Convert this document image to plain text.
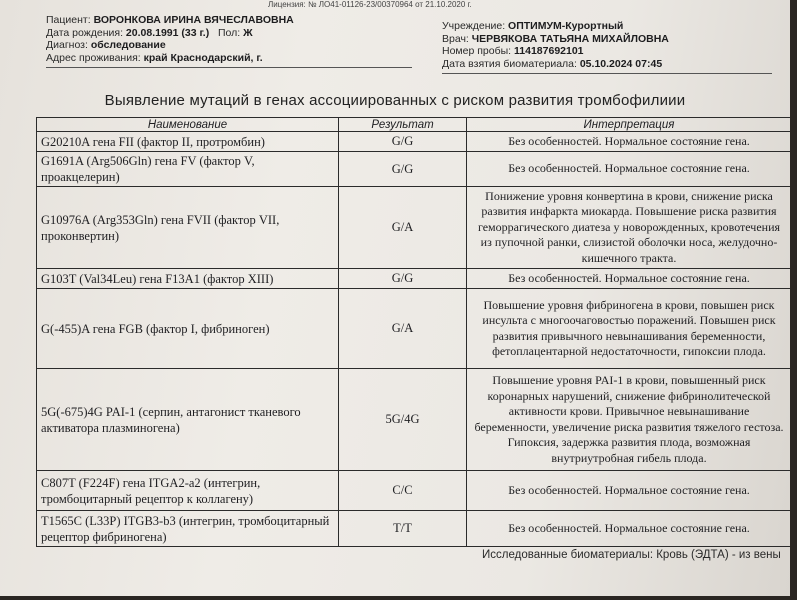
Лицензия: № ЛО41-01126-23/00370964 от 21.10.2020 г.
Пациент: ВОРОНКОВА ИРИНА ВЯЧЕСЛАВОВНА
Дата рождения: 20.08.1991 (33 г.) Пол: Ж
Диагноз: обследование
Адрес проживания: край Краснодарский, г.
Учреждение: ОПТИМУМ-Курортный
Врач: ЧЕРВЯКОВА ТАТЬЯНА МИХАЙЛОВНА
Номер пробы: 114187692101
Дата взятия биоматериала: 05.10.2024 07:45
Выявление мутаций в генах ассоциированных с риском развития тромбофилиии
Наименование	Результат	Интерпретация
G20210A гена FII (фактор II, протромбин)	G/G	Без особенностей. Нормальное состояние гена.
G1691A (Arg506Gln) гена FV (фактор V, проакцелерин)	G/G	Без особенностей. Нормальное состояние гена.
G10976A (Arg353Gln) гена FVII (фактор VII, проконвертин)	G/A	Понижение уровня конвертина в крови, снижение риска развития инфаркта миокарда. Повышение риска развития геморрагического диатеза у новорожденных, кровотечения из пупочной ранки, слизистой оболочки носа, желудочно-кишечного тракта.
G103T (Val34Leu) гена F13A1 (фактор XIII)	G/G	Без особенностей. Нормальное состояние гена.
G(-455)A гена FGB (фактор I, фибриноген)	G/A	Повышение уровня фибриногена в крови, повышен риск инсульта с многоочаговостью поражений. Повышен риск развития привычного невынашивания беременности, фетоплацентарной недостаточности, гипоксии плода.
5G(-675)4G PAI-1 (серпин, антагонист тканевого активатора плазминогена)	5G/4G	Повышение уровня PAI-1 в крови, повышенный риск коронарных нарушений, снижение фибринолитеческой активности крови. Привычное невынашивание беременности, увеличение риска развития тяжелого гестоза. Гипоксия, задержка развития плода, возможная внутриутробная гибель плода.
C807T (F224F) гена ITGA2-a2 (интегрин, тромбоцитарный рецептор к коллагену)	C/C	Без особенностей. Нормальное состояние гена.
T1565C (L33P) ITGB3-b3 (интегрин, тромбоцитарный рецептор фибриногена)	T/T	Без особенностей. Нормальное состояние гена.
Исследованные биоматериалы: Кровь (ЭДТА) - из вены
